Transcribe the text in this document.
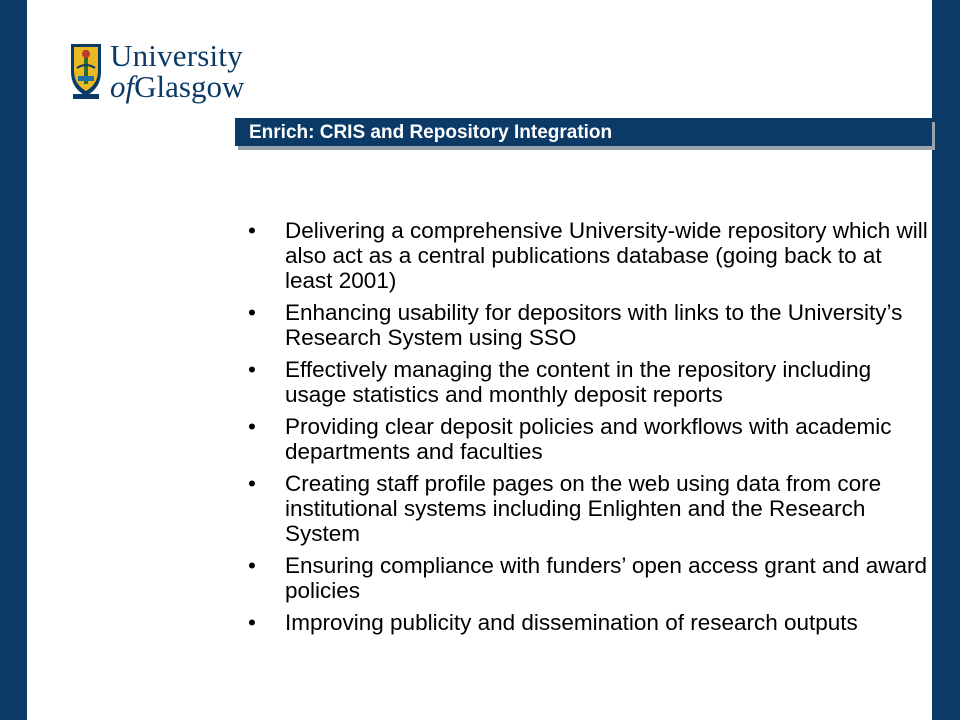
University
ofGlasgow
Enrich: CRIS and Repository Integration
• Delivering a comprehensive University-wide repository which will also act as a central publications database (going back to at least 2001)
• Enhancing usability for depositors with links to the University’s Research System using SSO
• Effectively managing the content in the repository including usage statistics and monthly deposit reports
• Providing clear deposit policies and workflows with academic departments and faculties
• Creating staff profile pages on the web using data from core institutional systems including Enlighten and the Research System
• Ensuring compliance with funders’ open access grant and award policies
• Improving publicity and dissemination of research outputs
